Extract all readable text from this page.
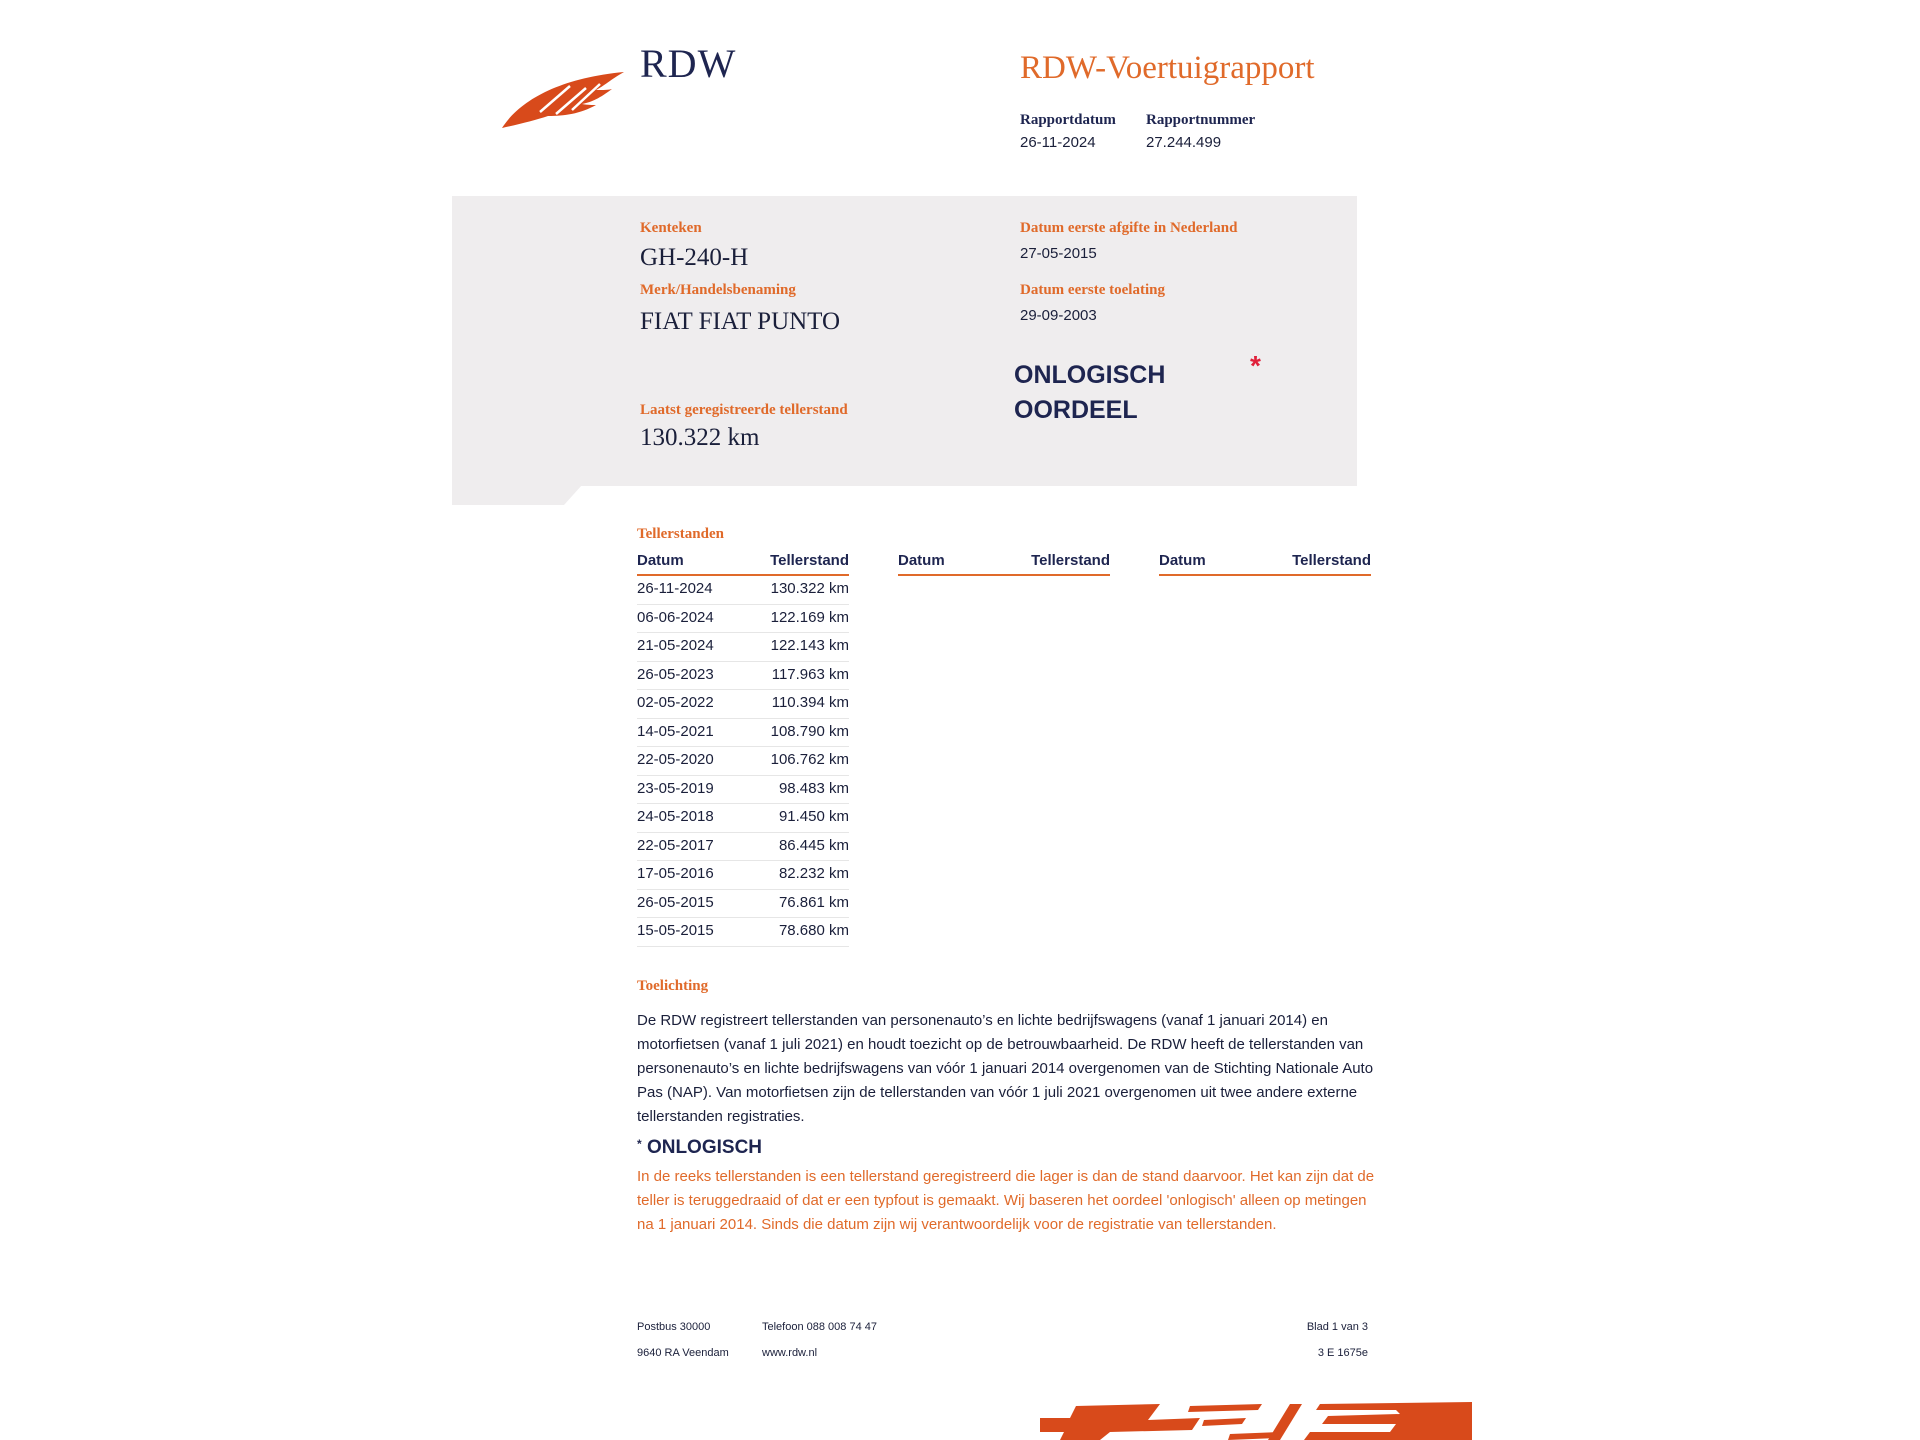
RDW	RDW-Voertuigrapport
Rapportdatum
26-11-2024
Rapportnummer
27.244.499
Kenteken
GH-240-H
Merk/Handelsbenaming
FIAT FIAT PUNTO
Laatst geregistreerde tellerstand
130.322 km
Datum eerste afgifte in Nederland
27-05-2015
Datum eerste toelating
29-09-2003
ONLOGISCH OORDEEL
*
Tellerstanden
Datum	Tellerstand	Datum	Tellerstand	Datum	Tellerstand
26-11-2024	130.322 km
06-06-2024	122.169 km
21-05-2024	122.143 km
26-05-2023	117.963 km
02-05-2022	110.394 km
14-05-2021	108.790 km
22-05-2020	106.762 km
23-05-2019	98.483 km
24-05-2018	91.450 km
22-05-2017	86.445 km
17-05-2016	82.232 km
26-05-2015	76.861 km
15-05-2015	78.680 km
Toelichting
De RDW registreert tellerstanden van personenauto’s en lichte bedrijfswagens (vanaf 1 januari 2014) en motorfietsen (vanaf 1 juli 2021) en houdt toezicht op de betrouwbaarheid. De RDW heeft de tellerstanden van personenauto’s en lichte bedrijfswagens van vóór 1 januari 2014 overgenomen van de Stichting Nationale Auto Pas (NAP). Van motorfietsen zijn de tellerstanden van vóór 1 juli 2021 overgenomen uit twee andere externe tellerstanden registraties.
* ONLOGISCH
In de reeks tellerstanden is een tellerstand geregistreerd die lager is dan de stand daarvoor. Het kan zijn dat de teller is teruggedraaid of dat er een typfout is gemaakt. Wij baseren het oordeel 'onlogisch' alleen op metingen na 1 januari 2014. Sinds die datum zijn wij verantwoordelijk voor de registratie van tellerstanden.
Postbus 30000
9640 RA Veendam
Telefoon 088 008 74 47
www.rdw.nl
Blad 1 van 3
3 E 1675e
